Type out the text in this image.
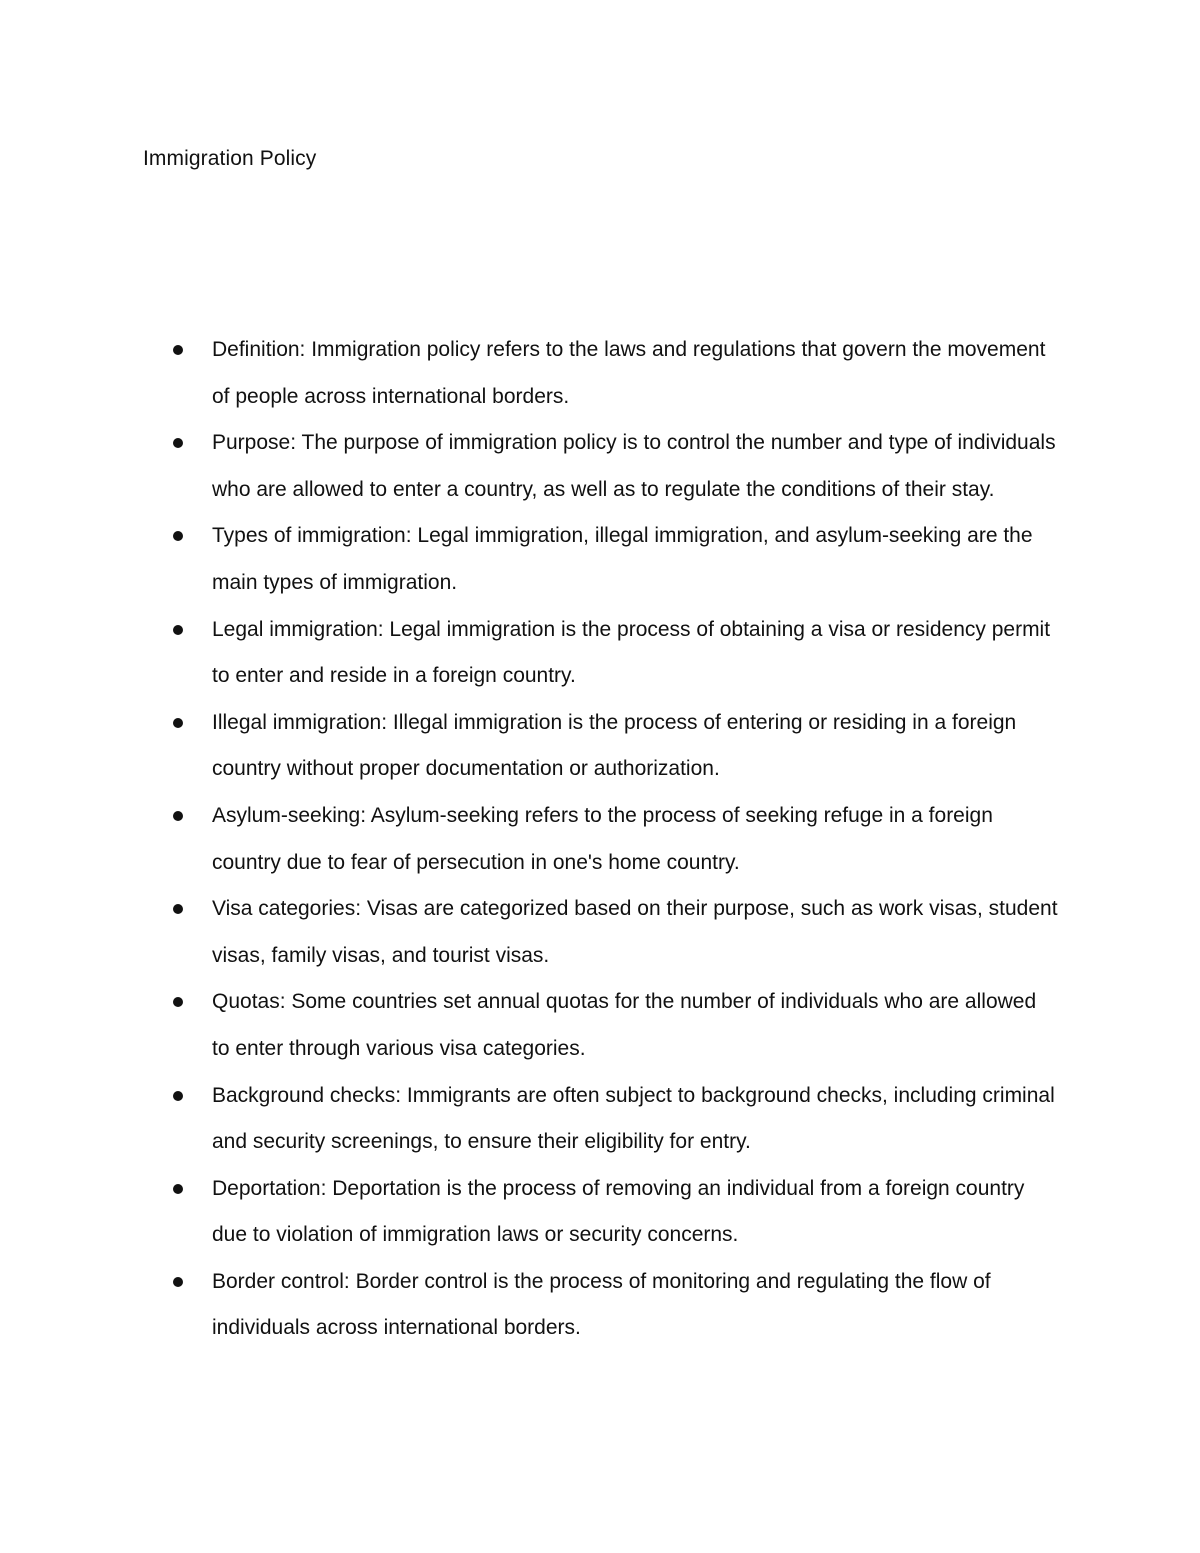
Immigration Policy
Definition: Immigration policy refers to the laws and regulations that govern the movement of people across international borders.
Purpose: The purpose of immigration policy is to control the number and type of individuals who are allowed to enter a country, as well as to regulate the conditions of their stay.
Types of immigration: Legal immigration, illegal immigration, and asylum-seeking are the main types of immigration.
Legal immigration: Legal immigration is the process of obtaining a visa or residency permit to enter and reside in a foreign country.
Illegal immigration: Illegal immigration is the process of entering or residing in a foreign country without proper documentation or authorization.
Asylum-seeking: Asylum-seeking refers to the process of seeking refuge in a foreign country due to fear of persecution in one's home country.
Visa categories: Visas are categorized based on their purpose, such as work visas, student visas, family visas, and tourist visas.
Quotas: Some countries set annual quotas for the number of individuals who are allowed to enter through various visa categories.
Background checks: Immigrants are often subject to background checks, including criminal and security screenings, to ensure their eligibility for entry.
Deportation: Deportation is the process of removing an individual from a foreign country due to violation of immigration laws or security concerns.
Border control: Border control is the process of monitoring and regulating the flow of individuals across international borders.
